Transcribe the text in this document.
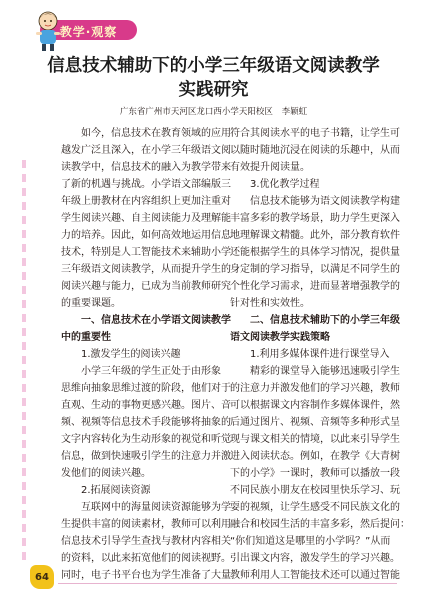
教学·观察
信息技术辅助下的小学三年级语文阅读教学
实践研究
广东省广州市天河区龙口西小学天阳校区 李颖虹
如今，信息技术在教育领域的应用
越发广泛且深入，在小学三年级语文阅
读教学中，信息技术的融入为教学带来
了新的机遇与挑战。小学语文部编版三
年级上册教材在内容组织上更加注重对
学生阅读兴趣、自主阅读能力及理解能
力的培养。因此，如何高效地运用信息
技术，特别是人工智能技术来辅助小学
三年级语文阅读教学，从而提升学生的
阅读兴趣与能力，已成为当前教师研究
的重要课题。
一、信息技术在小学语文阅读教学
中的重要性
1.激发学生的阅读兴趣
小学三年级的学生正处于由形象
思维向抽象思维过渡的阶段，他们对于
直观、生动的事物更感兴趣。图片、音
频、视频等信息技术手段能够将抽象的
文字内容转化为生动形象的视觉和听觉
信息，做到快速吸引学生的注意力并激
发他们的阅读兴趣。
2.拓展阅读资源
互联网中的海量阅读资源能够为学
生提供丰富的阅读素材，教师可以利用
信息技术引导学生查找与教材内容相关
的资料，以此来拓宽他们的阅读视野。
同时，电子书平台也为学生准备了大量
符合其阅读水平的电子书籍，让学生可
以随时随地沉浸在阅读的乐趣中，从而
有效提升阅读量。
3.优化教学过程
信息技术能够为语文阅读教学构建
丰富多彩的教学场景，助力学生更深入
地理解课文精髓。此外，部分教育软件
还能根据学生的具体学习情况，提供量
身定制的学习指导，以满足不同学生的
个性化学习需求，进而显著增强教学的
针对性和实效性。
二、信息技术辅助下的小学三年级
语文阅读教学实践策略
1.利用多媒体课件进行课堂导入
精彩的课堂导入能够迅速吸引学生
的注意力并激发他们的学习兴趣，教师
可以根据课文内容制作多媒体课件，然
后通过图片、视频、音频等多种形式呈
现与课文相关的情境，以此来引导学生
进入阅读状态。例如，在教学《大青树
下的小学》一课时，教师可以播放一段
不同民族小朋友在校园里快乐学习、玩
耍的视频，让学生感受不同民族文化的
融合和校园生活的丰富多彩，然后提问：
“你们知道这是哪里的小学吗？”从而
引出课文内容，激发学生的学习兴趣。
教师利用人工智能技术还可以通过智能
64
